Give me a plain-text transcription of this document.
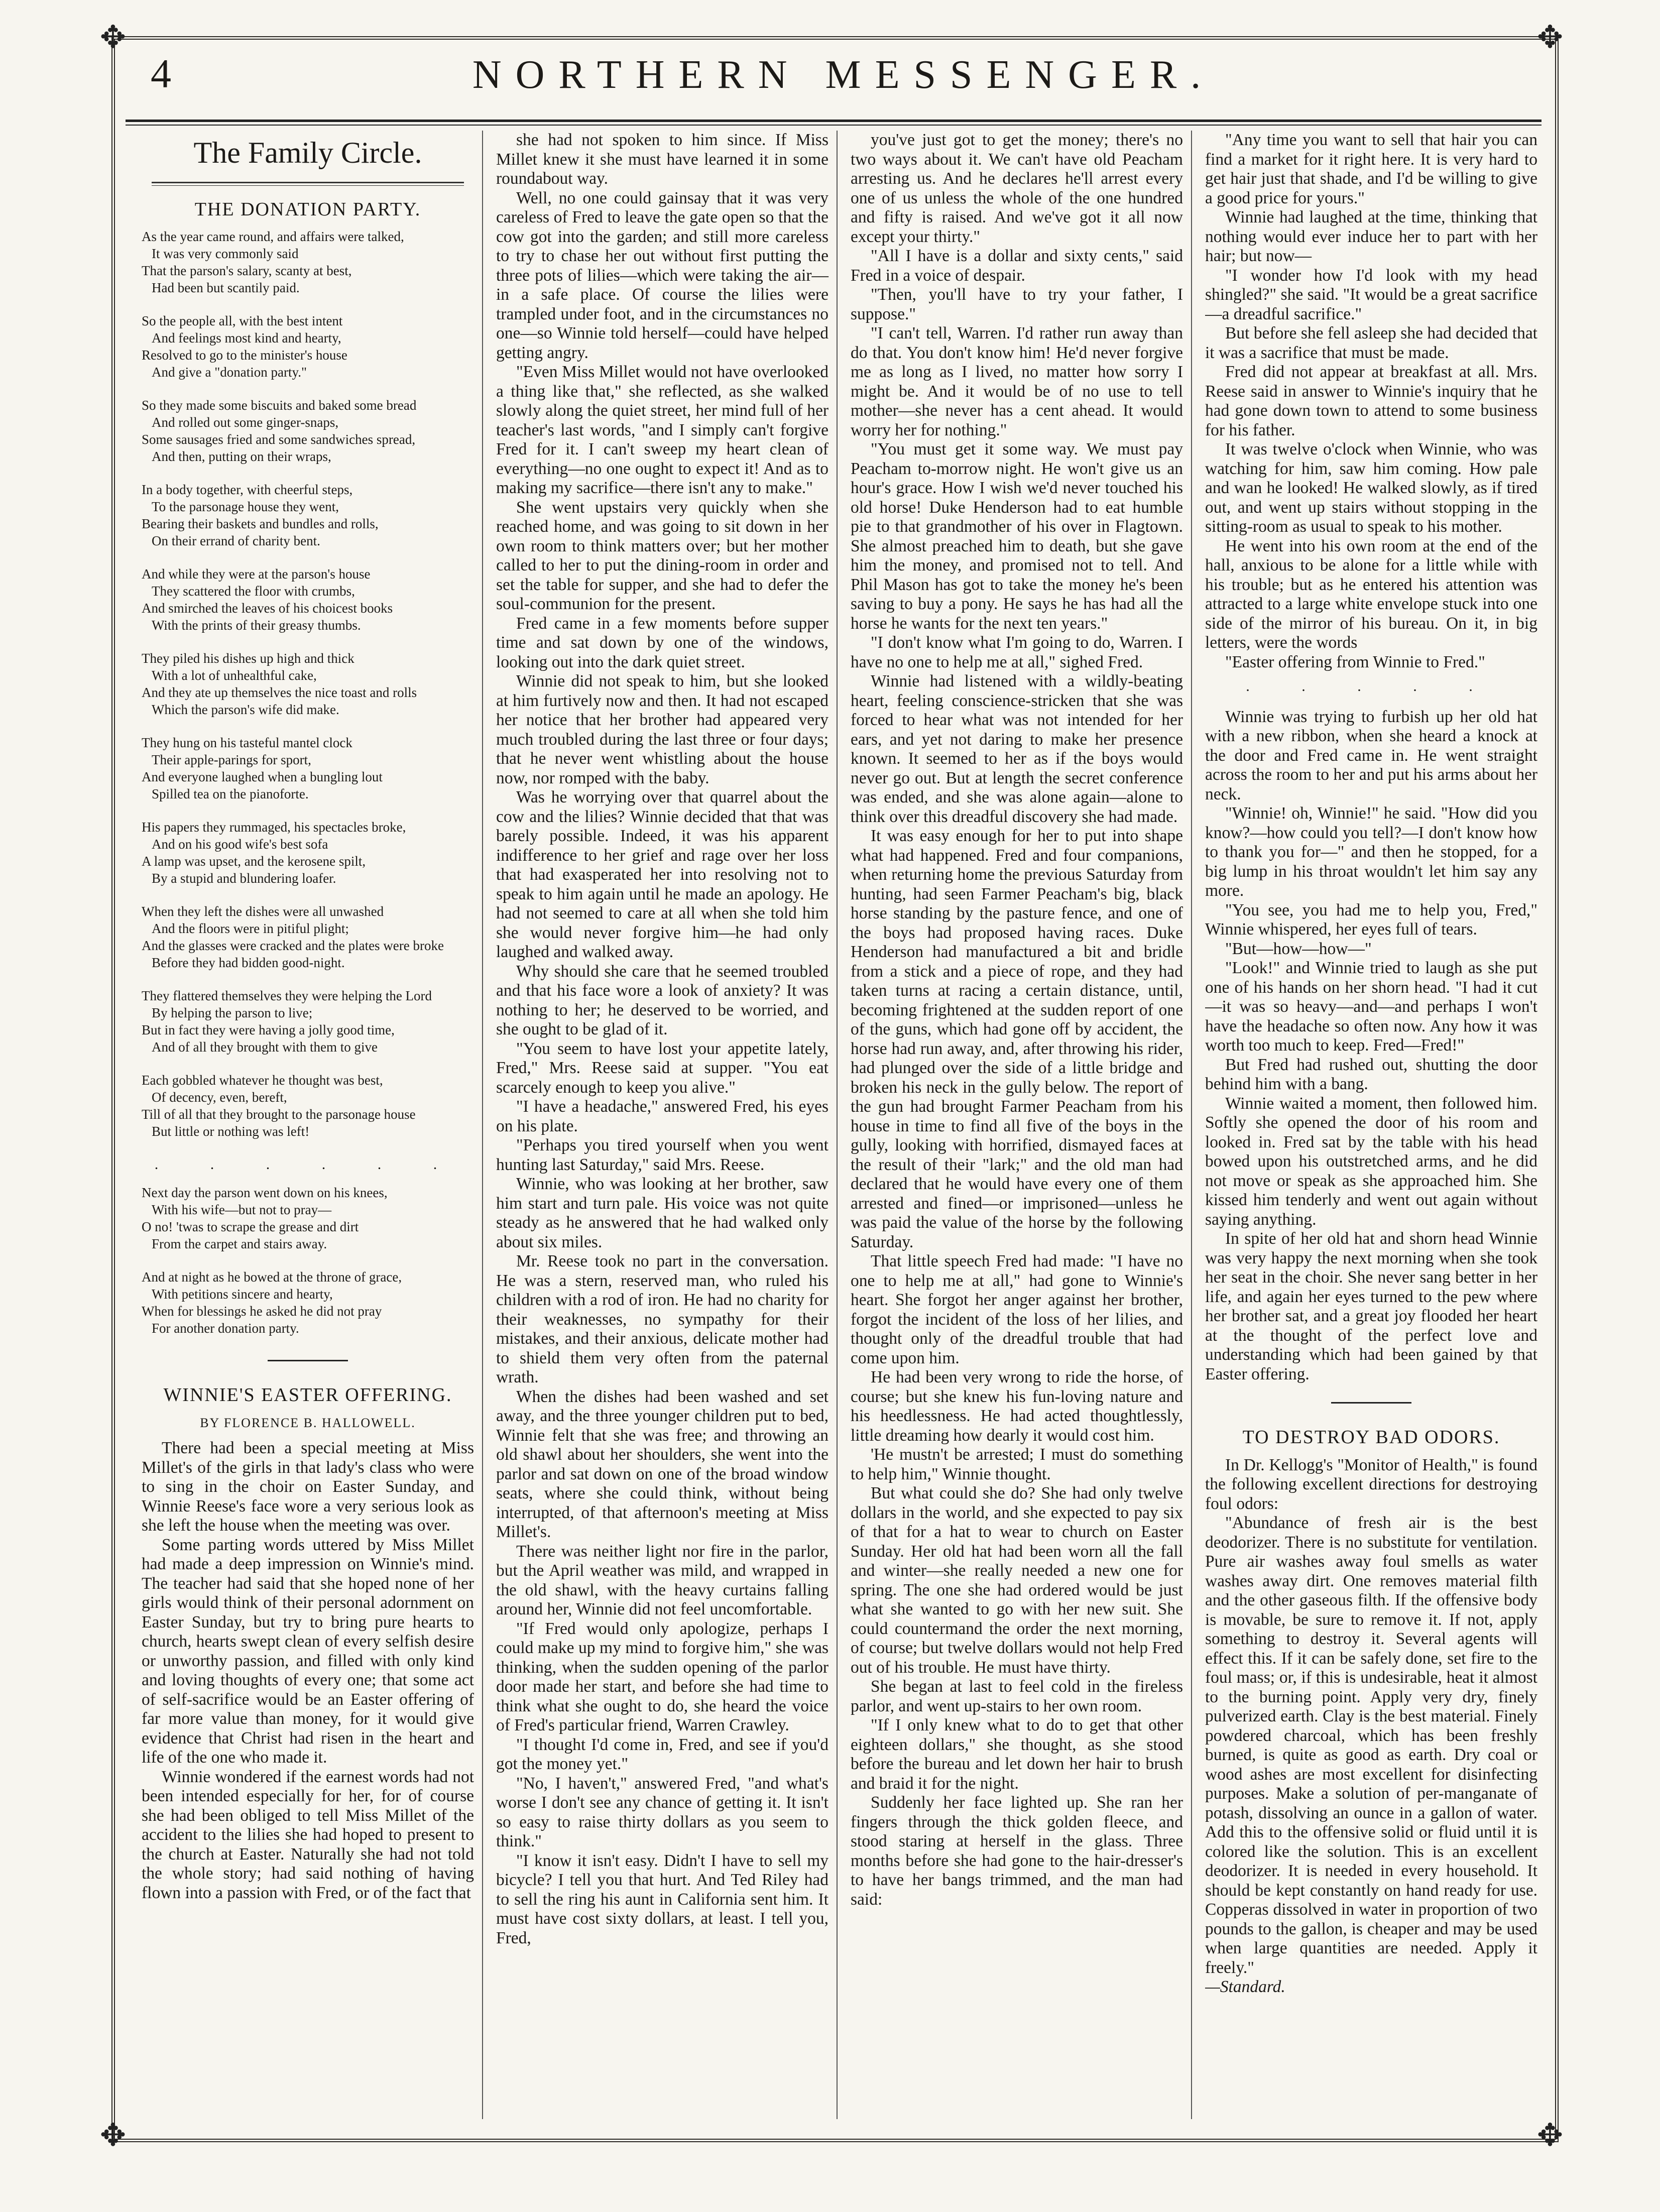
✥	✥
✥	✥
4	NORTHERN MESSENGER.
The Family Circle.
THE DONATION PARTY.
As the year came round, and affairs were talked,
It was very commonly said
That the parson's salary, scanty at best,
Had been but scantily paid.
So the people all, with the best intent
And feelings most kind and hearty,
Resolved to go to the minister's house
And give a "donation party."
So they made some biscuits and baked some bread
And rolled out some ginger-snaps,
Some sausages fried and some sandwiches spread,
And then, putting on their wraps,
In a body together, with cheerful steps,
To the parsonage house they went,
Bearing their baskets and bundles and rolls,
On their errand of charity bent.
And while they were at the parson's house
They scattered the floor with crumbs,
And smirched the leaves of his choicest books
With the prints of their greasy thumbs.
They piled his dishes up high and thick
With a lot of unhealthful cake,
And they ate up themselves the nice toast and rolls
Which the parson's wife did make.
They hung on his tasteful mantel clock
Their apple-parings for sport,
And everyone laughed when a bungling lout
Spilled tea on the pianoforte.
His papers they rummaged, his spectacles broke,
And on his good wife's best sofa
A lamp was upset, and the kerosene spilt,
By a stupid and blundering loafer.
When they left the dishes were all unwashed
And the floors were in pitiful plight;
And the glasses were cracked and the plates were broke
Before they had bidden good-night.
They flattered themselves they were helping the Lord
By helping the parson to live;
But in fact they were having a jolly good time,
And of all they brought with them to give
Each gobbled whatever he thought was best,
Of decency, even, bereft,
Till of all that they brought to the parsonage house
But little or nothing was left!
. . . . . .
Next day the parson went down on his knees,
With his wife—but not to pray—
O no! 'twas to scrape the grease and dirt
From the carpet and stairs away.
And at night as he bowed at the throne of grace,
With petitions sincere and hearty,
When for blessings he asked he did not pray
For another donation party.
WINNIE'S EASTER OFFERING.
BY FLORENCE B. HALLOWELL.

There had been a special meeting at Miss Millet's of the girls in that lady's class who were to sing in the choir on Easter Sunday, and Winnie Reese's face wore a very serious look as she left the house when the meeting was over.

Some parting words uttered by Miss Millet had made a deep impression on Winnie's mind. The teacher had said that she hoped none of her girls would think of their personal adornment on Easter Sunday, but try to bring pure hearts to church, hearts swept clean of every selfish desire or unworthy passion, and filled with only kind and loving thoughts of every one; that some act of self-sacrifice would be an Easter offering of far more value than money, for it would give evidence that Christ had risen in the heart and life of the one who made it.

Winnie wondered if the earnest words had not been intended especially for her, for of course she had been obliged to tell Miss Millet of the accident to the lilies she had hoped to present to the church at Easter. Naturally she had not told the whole story; had said nothing of having flown into a passion with Fred, or of the fact that

she had not spoken to him since. If Miss Millet knew it she must have learned it in some roundabout way.

Well, no one could gainsay that it was very careless of Fred to leave the gate open so that the cow got into the garden; and still more careless to try to chase her out without first putting the three pots of lilies—which were taking the air—in a safe place. Of course the lilies were trampled under foot, and in the circumstances no one—so Winnie told herself—could have helped getting angry.

"Even Miss Millet would not have overlooked a thing like that," she reflected, as she walked slowly along the quiet street, her mind full of her teacher's last words, "and I simply can't forgive Fred for it. I can't sweep my heart clean of everything—no one ought to expect it! And as to making my sacrifice—there isn't any to make."

She went upstairs very quickly when she reached home, and was going to sit down in her own room to think matters over; but her mother called to her to put the dining-room in order and set the table for supper, and she had to defer the soul-communion for the present.

Fred came in a few moments before supper time and sat down by one of the windows, looking out into the dark quiet street.

Winnie did not speak to him, but she looked at him furtively now and then. It had not escaped her notice that her brother had appeared very much troubled during the last three or four days; that he never went whistling about the house now, nor romped with the baby.

Was he worrying over that quarrel about the cow and the lilies? Winnie decided that that was barely possible. Indeed, it was his apparent indifference to her grief and rage over her loss that had exasperated her into resolving not to speak to him again until he made an apology. He had not seemed to care at all when she told him she would never forgive him—he had only laughed and walked away.

Why should she care that he seemed troubled and that his face wore a look of anxiety? It was nothing to her; he deserved to be worried, and she ought to be glad of it.

"You seem to have lost your appetite lately, Fred," Mrs. Reese said at supper. "You eat scarcely enough to keep you alive."

"I have a headache," answered Fred, his eyes on his plate.

"Perhaps you tired yourself when you went hunting last Saturday," said Mrs. Reese.

Winnie, who was looking at her brother, saw him start and turn pale. His voice was not quite steady as he answered that he had walked only about six miles.

Mr. Reese took no part in the conversation. He was a stern, reserved man, who ruled his children with a rod of iron. He had no charity for their weaknesses, no sympathy for their mistakes, and their anxious, delicate mother had to shield them very often from the paternal wrath.

When the dishes had been washed and set away, and the three younger children put to bed, Winnie felt that she was free; and throwing an old shawl about her shoulders, she went into the parlor and sat down on one of the broad window seats, where she could think, without being interrupted, of that afternoon's meeting at Miss Millet's.

There was neither light nor fire in the parlor, but the April weather was mild, and wrapped in the old shawl, with the heavy curtains falling around her, Winnie did not feel uncomfortable.

"If Fred would only apologize, perhaps I could make up my mind to forgive him," she was thinking, when the sudden opening of the parlor door made her start, and before she had time to think what she ought to do, she heard the voice of Fred's particular friend, Warren Crawley.

"I thought I'd come in, Fred, and see if you'd got the money yet."

"No, I haven't," answered Fred, "and what's worse I don't see any chance of getting it. It isn't so easy to raise thirty dollars as you seem to think."

"I know it isn't easy. Didn't I have to sell my bicycle? I tell you that hurt. And Ted Riley had to sell the ring his aunt in California sent him. It must have cost sixty dollars, at least. I tell you, Fred,

you've just got to get the money; there's no two ways about it. We can't have old Peacham arresting us. And he declares he'll arrest every one of us unless the whole of the one hundred and fifty is raised. And we've got it all now except your thirty."

"All I have is a dollar and sixty cents," said Fred in a voice of despair.

"Then, you'll have to try your father, I suppose."

"I can't tell, Warren. I'd rather run away than do that. You don't know him! He'd never forgive me as long as I lived, no matter how sorry I might be. And it would be of no use to tell mother—she never has a cent ahead. It would worry her for nothing."

"You must get it some way. We must pay Peacham to-morrow night. He won't give us an hour's grace. How I wish we'd never touched his old horse! Duke Henderson had to eat humble pie to that grandmother of his over in Flagtown. She almost preached him to death, but she gave him the money, and promised not to tell. And Phil Mason has got to take the money he's been saving to buy a pony. He says he has had all the horse he wants for the next ten years."

"I don't know what I'm going to do, Warren. I have no one to help me at all," sighed Fred.

Winnie had listened with a wildly-beating heart, feeling conscience-stricken that she was forced to hear what was not intended for her ears, and yet not daring to make her presence known. It seemed to her as if the boys would never go out. But at length the secret conference was ended, and she was alone again—alone to think over this dreadful discovery she had made.

It was easy enough for her to put into shape what had happened. Fred and four companions, when returning home the previous Saturday from hunting, had seen Farmer Peacham's big, black horse standing by the pasture fence, and one of the boys had proposed having races. Duke Henderson had manufactured a bit and bridle from a stick and a piece of rope, and they had taken turns at racing a certain distance, until, becoming frightened at the sudden report of one of the guns, which had gone off by accident, the horse had run away, and, after throwing his rider, had plunged over the side of a little bridge and broken his neck in the gully below. The report of the gun had brought Farmer Peacham from his house in time to find all five of the boys in the gully, looking with horrified, dismayed faces at the result of their "lark;" and the old man had declared that he would have every one of them arrested and fined—or imprisoned—unless he was paid the value of the horse by the following Saturday.

That little speech Fred had made: "I have no one to help me at all," had gone to Winnie's heart. She forgot her anger against her brother, forgot the incident of the loss of her lilies, and thought only of the dreadful trouble that had come upon him.

He had been very wrong to ride the horse, of course; but she knew his fun-loving nature and his heedlessness. He had acted thoughtlessly, little dreaming how dearly it would cost him.

'He mustn't be arrested; I must do something to help him," Winnie thought.

But what could she do? She had only twelve dollars in the world, and she expected to pay six of that for a hat to wear to church on Easter Sunday. Her old hat had been worn all the fall and winter—she really needed a new one for spring. The one she had ordered would be just what she wanted to go with her new suit. She could countermand the order the next morning, of course; but twelve dollars would not help Fred out of his trouble. He must have thirty.

She began at last to feel cold in the fireless parlor, and went up-stairs to her own room.

"If I only knew what to do to get that other eighteen dollars," she thought, as she stood before the bureau and let down her hair to brush and braid it for the night.

Suddenly her face lighted up. She ran her fingers through the thick golden fleece, and stood staring at herself in the glass. Three months before she had gone to the hair-dresser's to have her bangs trimmed, and the man had said:

"Any time you want to sell that hair you can find a market for it right here. It is very hard to get hair just that shade, and I'd be willing to give a good price for yours."

Winnie had laughed at the time, thinking that nothing would ever induce her to part with her hair; but now—

"I wonder how I'd look with my head shingled?" she said. "It would be a great sacrifice—a dreadful sacrifice."

But before she fell asleep she had decided that it was a sacrifice that must be made.

Fred did not appear at breakfast at all. Mrs. Reese said in answer to Winnie's inquiry that he had gone down town to attend to some business for his father.

It was twelve o'clock when Winnie, who was watching for him, saw him coming. How pale and wan he looked! He walked slowly, as if tired out, and went up stairs without stopping in the sitting-room as usual to speak to his mother.

He went into his own room at the end of the hall, anxious to be alone for a little while with his trouble; but as he entered his attention was attracted to a large white envelope stuck into one side of the mirror of his bureau. On it, in big letters, were the words

"Easter offering from Winnie to Fred."

. . . . .

Winnie was trying to furbish up her old hat with a new ribbon, when she heard a knock at the door and Fred came in. He went straight across the room to her and put his arms about her neck.

"Winnie! oh, Winnie!" he said. "How did you know?—how could you tell?—I don't know how to thank you for—" and then he stopped, for a big lump in his throat wouldn't let him say any more.

"You see, you had me to help you, Fred," Winnie whispered, her eyes full of tears.

"But—how—how—"

"Look!" and Winnie tried to laugh as she put one of his hands on her shorn head. "I had it cut—it was so heavy—and—and perhaps I won't have the headache so often now. Any how it was worth too much to keep. Fred—Fred!"

But Fred had rushed out, shutting the door behind him with a bang.

Winnie waited a moment, then followed him. Softly she opened the door of his room and looked in. Fred sat by the table with his head bowed upon his outstretched arms, and he did not move or speak as she approached him. She kissed him tenderly and went out again without saying anything.

In spite of her old hat and shorn head Winnie was very happy the next morning when she took her seat in the choir. She never sang better in her life, and again her eyes turned to the pew where her brother sat, and a great joy flooded her heart at the thought of the perfect love and understanding which had been gained by that Easter offering.

TO DESTROY BAD ODORS.

In Dr. Kellogg's "Monitor of Health," is found the following excellent directions for destroying foul odors:

"Abundance of fresh air is the best deodorizer. There is no substitute for ventilation. Pure air washes away foul smells as water washes away dirt. One removes material filth and the other gaseous filth. If the offensive body is movable, be sure to remove it. If not, apply something to destroy it. Several agents will effect this. If it can be safely done, set fire to the foul mass; or, if this is undesirable, heat it almost to the burning point. Apply very dry, finely pulverized earth. Clay is the best material. Finely powdered charcoal, which has been freshly burned, is quite as good as earth. Dry coal or wood ashes are most excellent for disinfecting purposes. Make a solution of per-manganate of potash, dissolving an ounce in a gallon of water. Add this to the offensive solid or fluid until it is colored like the solution. This is an excellent deodorizer. It is needed in every household. It should be kept constantly on hand ready for use. Copperas dissolved in water in proportion of two pounds to the gallon, is cheaper and may be used when large quantities are needed. Apply it freely."

—Standard.
